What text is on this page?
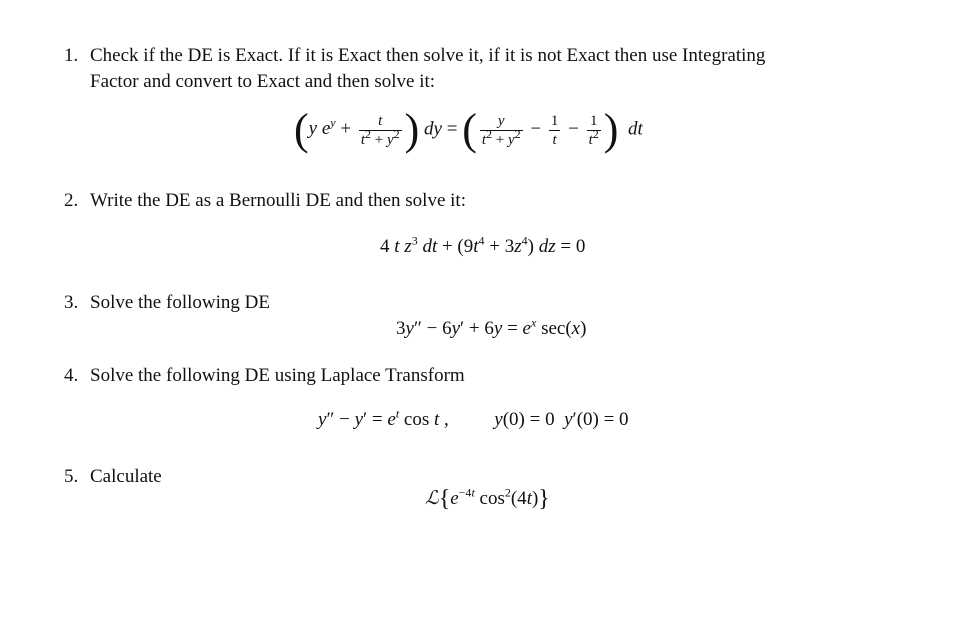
1. Check if the DE is Exact. If it is Exact then solve it, if it is not Exact then use Integrating
Factor and convert to Exact and then solve it:
(y $e^y + \frac{t}{t^2 + y^2}$ ) dy = ( $\frac{y}{t^2 + y^2} - \frac{1}{t} - \frac{1}{t^2}$ ) dt
2. Write the DE as a Bernoulli DE and then solve it:
4 t $z^3$ dt + $(9t^4 + 3z^4)$ dz = 0
3. Solve the following DE
$3y'' - 6y' + 6y = e^x$ sec(x)
4. Solve the following DE using Laplace Transform
$y'' - y' = e^t$ cos t ,  y(0) = 0  y′(0) = 0
5. Calculate
$ℒ\{e^{-4t}$ $\cos^2(4t)$}
